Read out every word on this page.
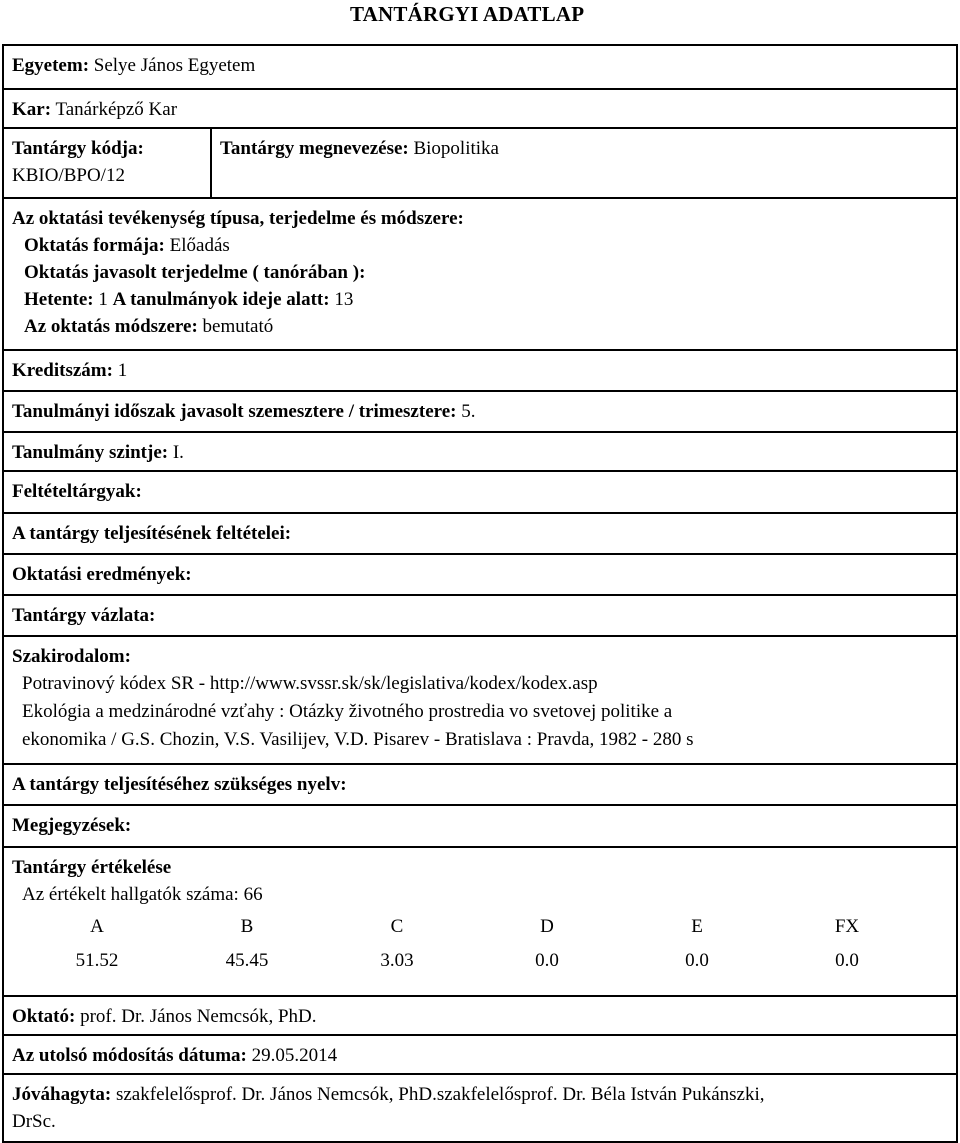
TANTÁRGYI ADATLAP
Egyetem: Selye János Egyetem
Kar: Tanárképző Kar
Tantárgy kódja:
KBIO/BPO/12	Tantárgy megnevezése: Biopolitika
Az oktatási tevékenység típusa, terjedelme és módszere:
Oktatás formája: Előadás
Oktatás javasolt terjedelme ( tanórában ):
Hetente: 1 A tanulmányok ideje alatt: 13
Az oktatás módszere: bemutató

Kreditszám: 1
Tanulmányi időszak javasolt szemesztere / trimesztere: 5.
Tanulmány szintje: I.
Feltételtárgyak:
A tantárgy teljesítésének feltételei:
Oktatási eredmények:
Tantárgy vázlata:
Szakirodalom:
Potravinový kódex SR - http://www.svssr.sk/sk/legislativa/kodex/kodex.asp
Ekológia a medzinárodné vzťahy : Otázky životného prostredia vo svetovej politike a
ekonomika / G.S. Chozin, V.S. Vasilijev, V.D. Pisarev - Bratislava : Pravda, 1982 - 280 s

A tantárgy teljesítéséhez szükséges nyelv:
Megjegyzések:
Tantárgy értékelése
Az értékelt hallgatók száma: 66
A	B	C	D	E	FX
51.52	45.45	3.03	0.0	0.0	0.0

Oktató: prof. Dr. János Nemcsók, PhD.
Az utolsó módosítás dátuma: 29.05.2014
Jóváhagyta: szakfelelősprof. Dr. János Nemcsók, PhD.szakfelelősprof. Dr. Béla István Pukánszki,
DrSc.
